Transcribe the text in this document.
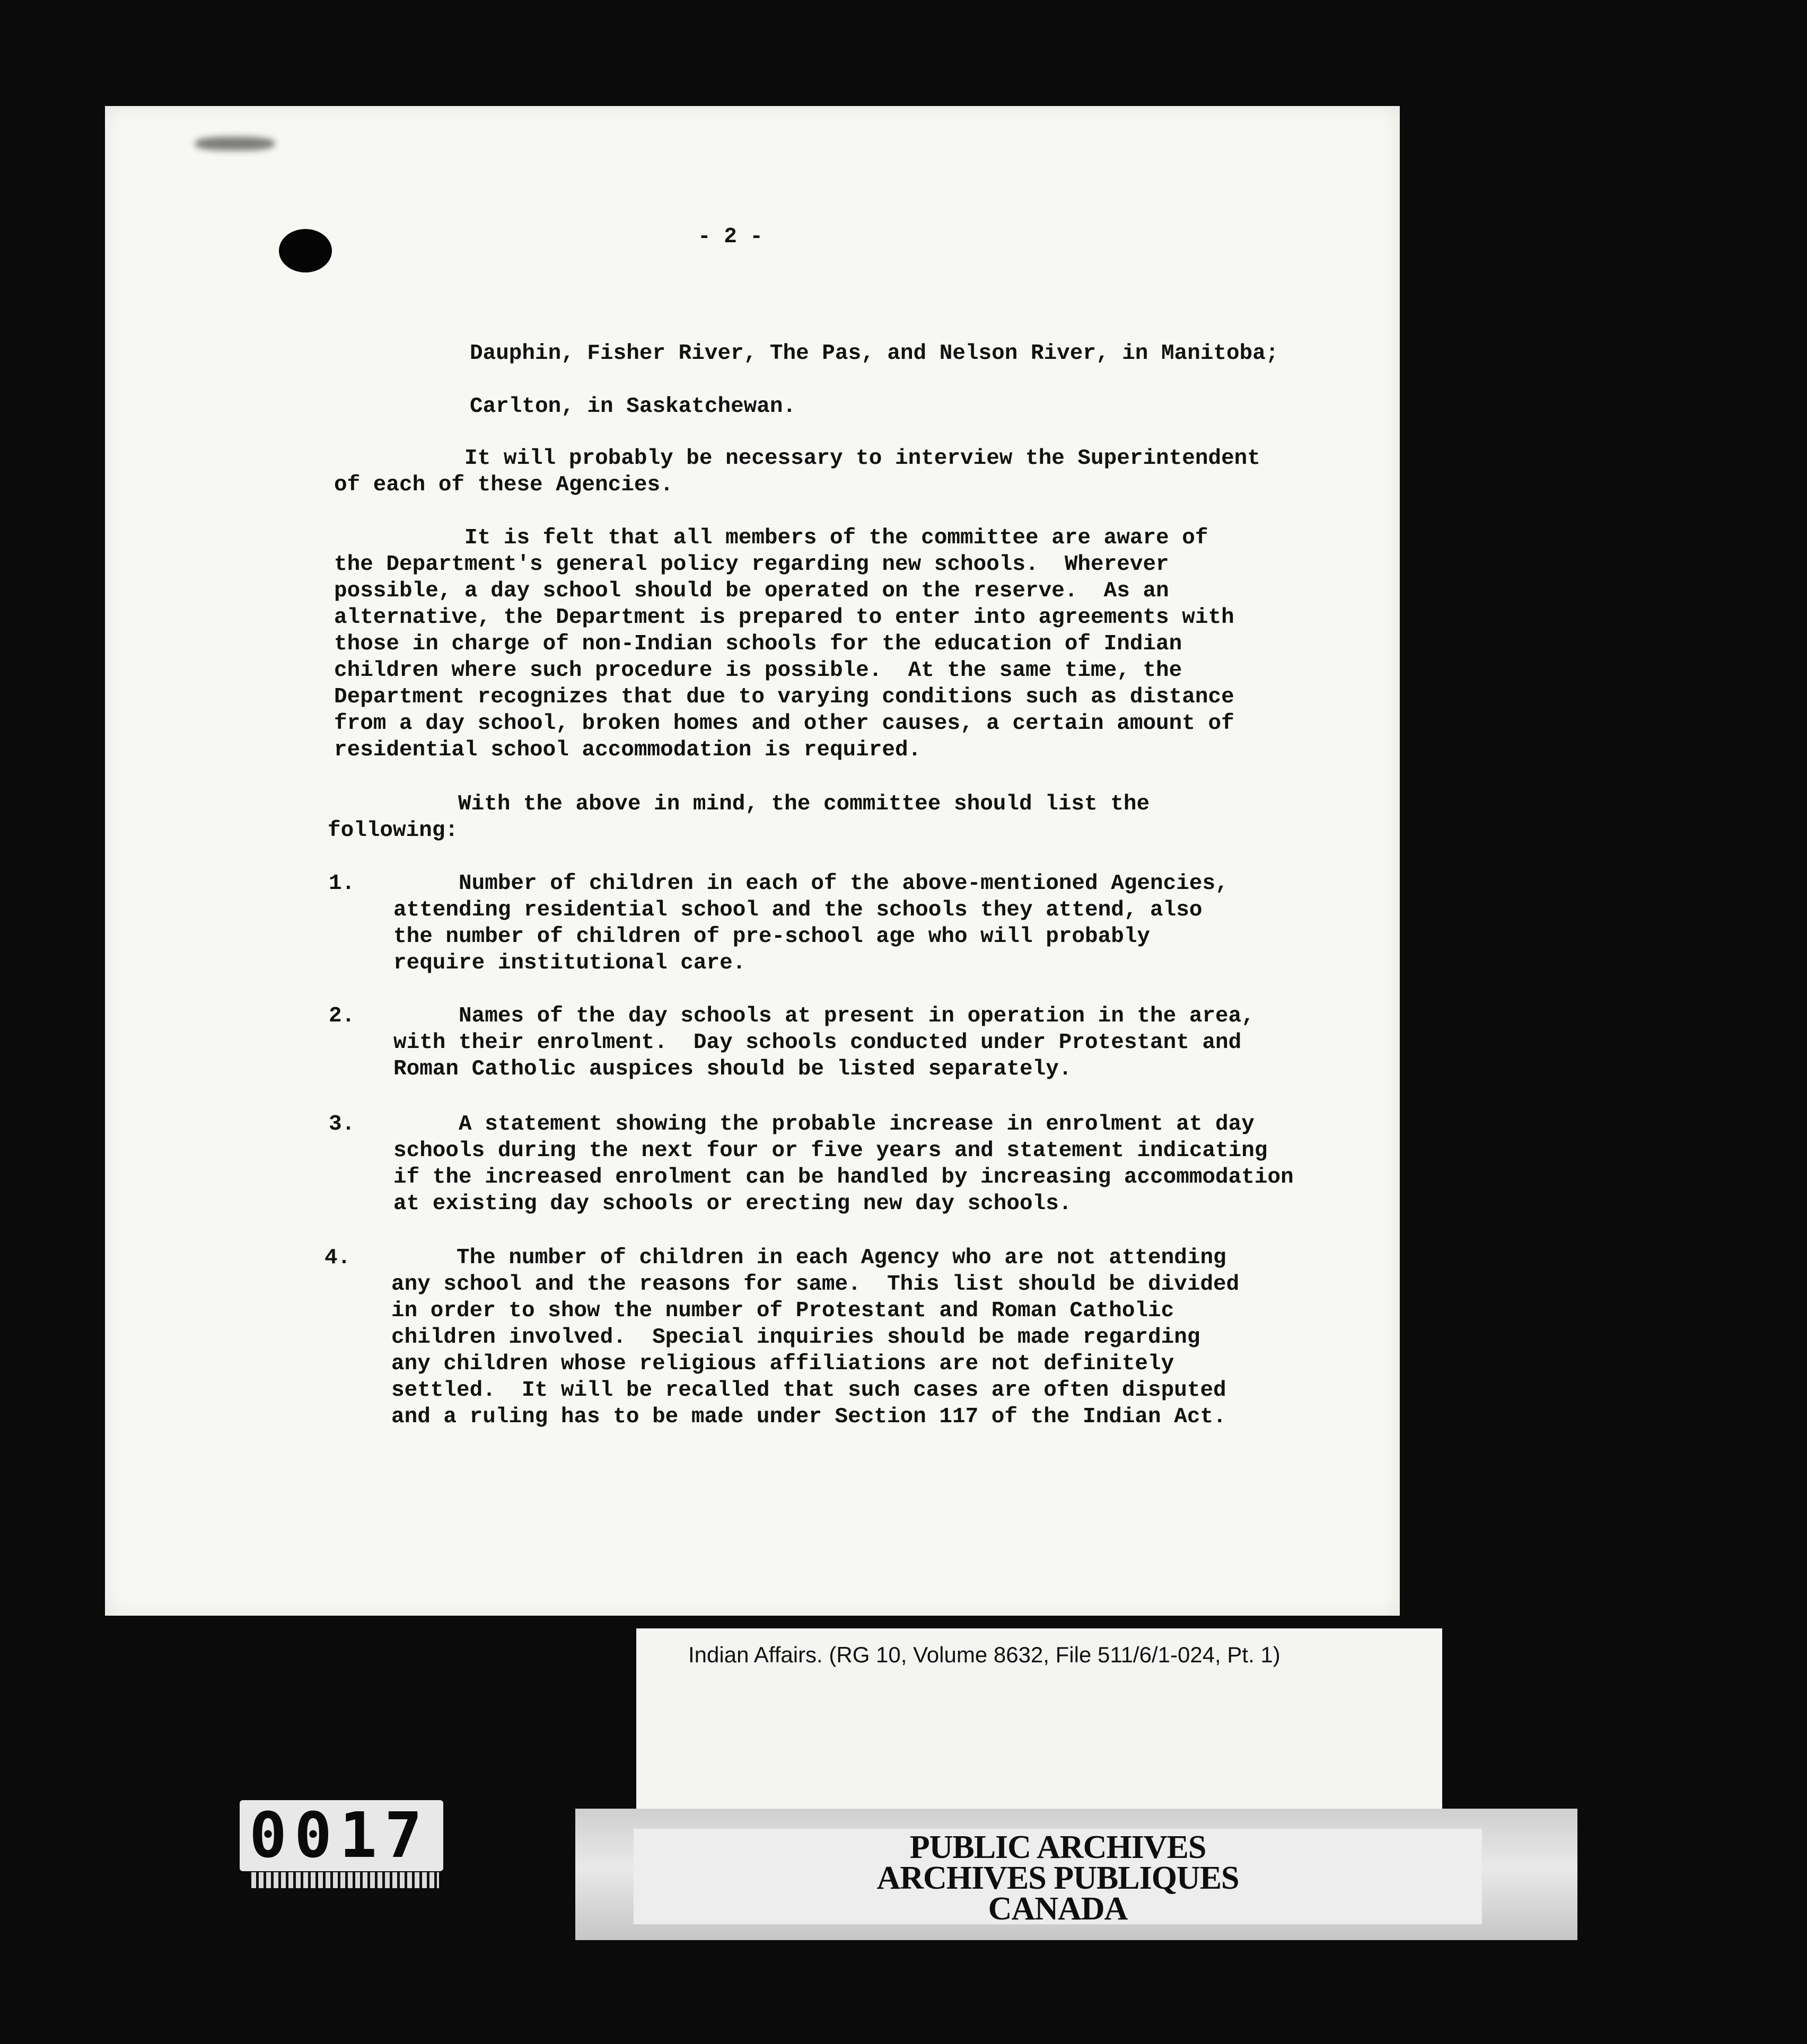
- 2 -

Dauphin, Fisher River, The Pas, and Nelson River, in Manitoba;

Carlton, in Saskatchewan.

It will probably be necessary to interview the Superintendent
of each of these Agencies.

It is felt that all members of the committee are aware of
the Department's general policy regarding new schools.  Wherever
possible, a day school should be operated on the reserve.  As an
alternative, the Department is prepared to enter into agreements with
those in charge of non-Indian schools for the education of Indian
children where such procedure is possible.  At the same time, the
Department recognizes that due to varying conditions such as distance
from a day school, broken homes and other causes, a certain amount of
residential school accommodation is required.

With the above in mind, the committee should list the
following:

1.	Number of children in each of the above-mentioned Agencies,
attending residential school and the schools they attend, also
the number of children of pre-school age who will probably
require institutional care.

2.	Names of the day schools at present in operation in the area,
with their enrolment.  Day schools conducted under Protestant and
Roman Catholic auspices should be listed separately.

3.	A statement showing the probable increase in enrolment at day
schools during the next four or five years and statement indicating
if the increased enrolment can be handled by increasing accommodation
at existing day schools or erecting new day schools.

4.	The number of children in each Agency who are not attending
any school and the reasons for same.  This list should be divided
in order to show the number of Protestant and Roman Catholic
children involved.  Special inquiries should be made regarding
any children whose religious affiliations are not definitely
settled.  It will be recalled that such cases are often disputed
and a ruling has to be made under Section 117 of the Indian Act.

Indian Affairs. (RG 10, Volume 8632, File 511/6/1-024, Pt. 1)
PUBLIC ARCHIVES
ARCHIVES PUBLIQUES
CANADA
0017
